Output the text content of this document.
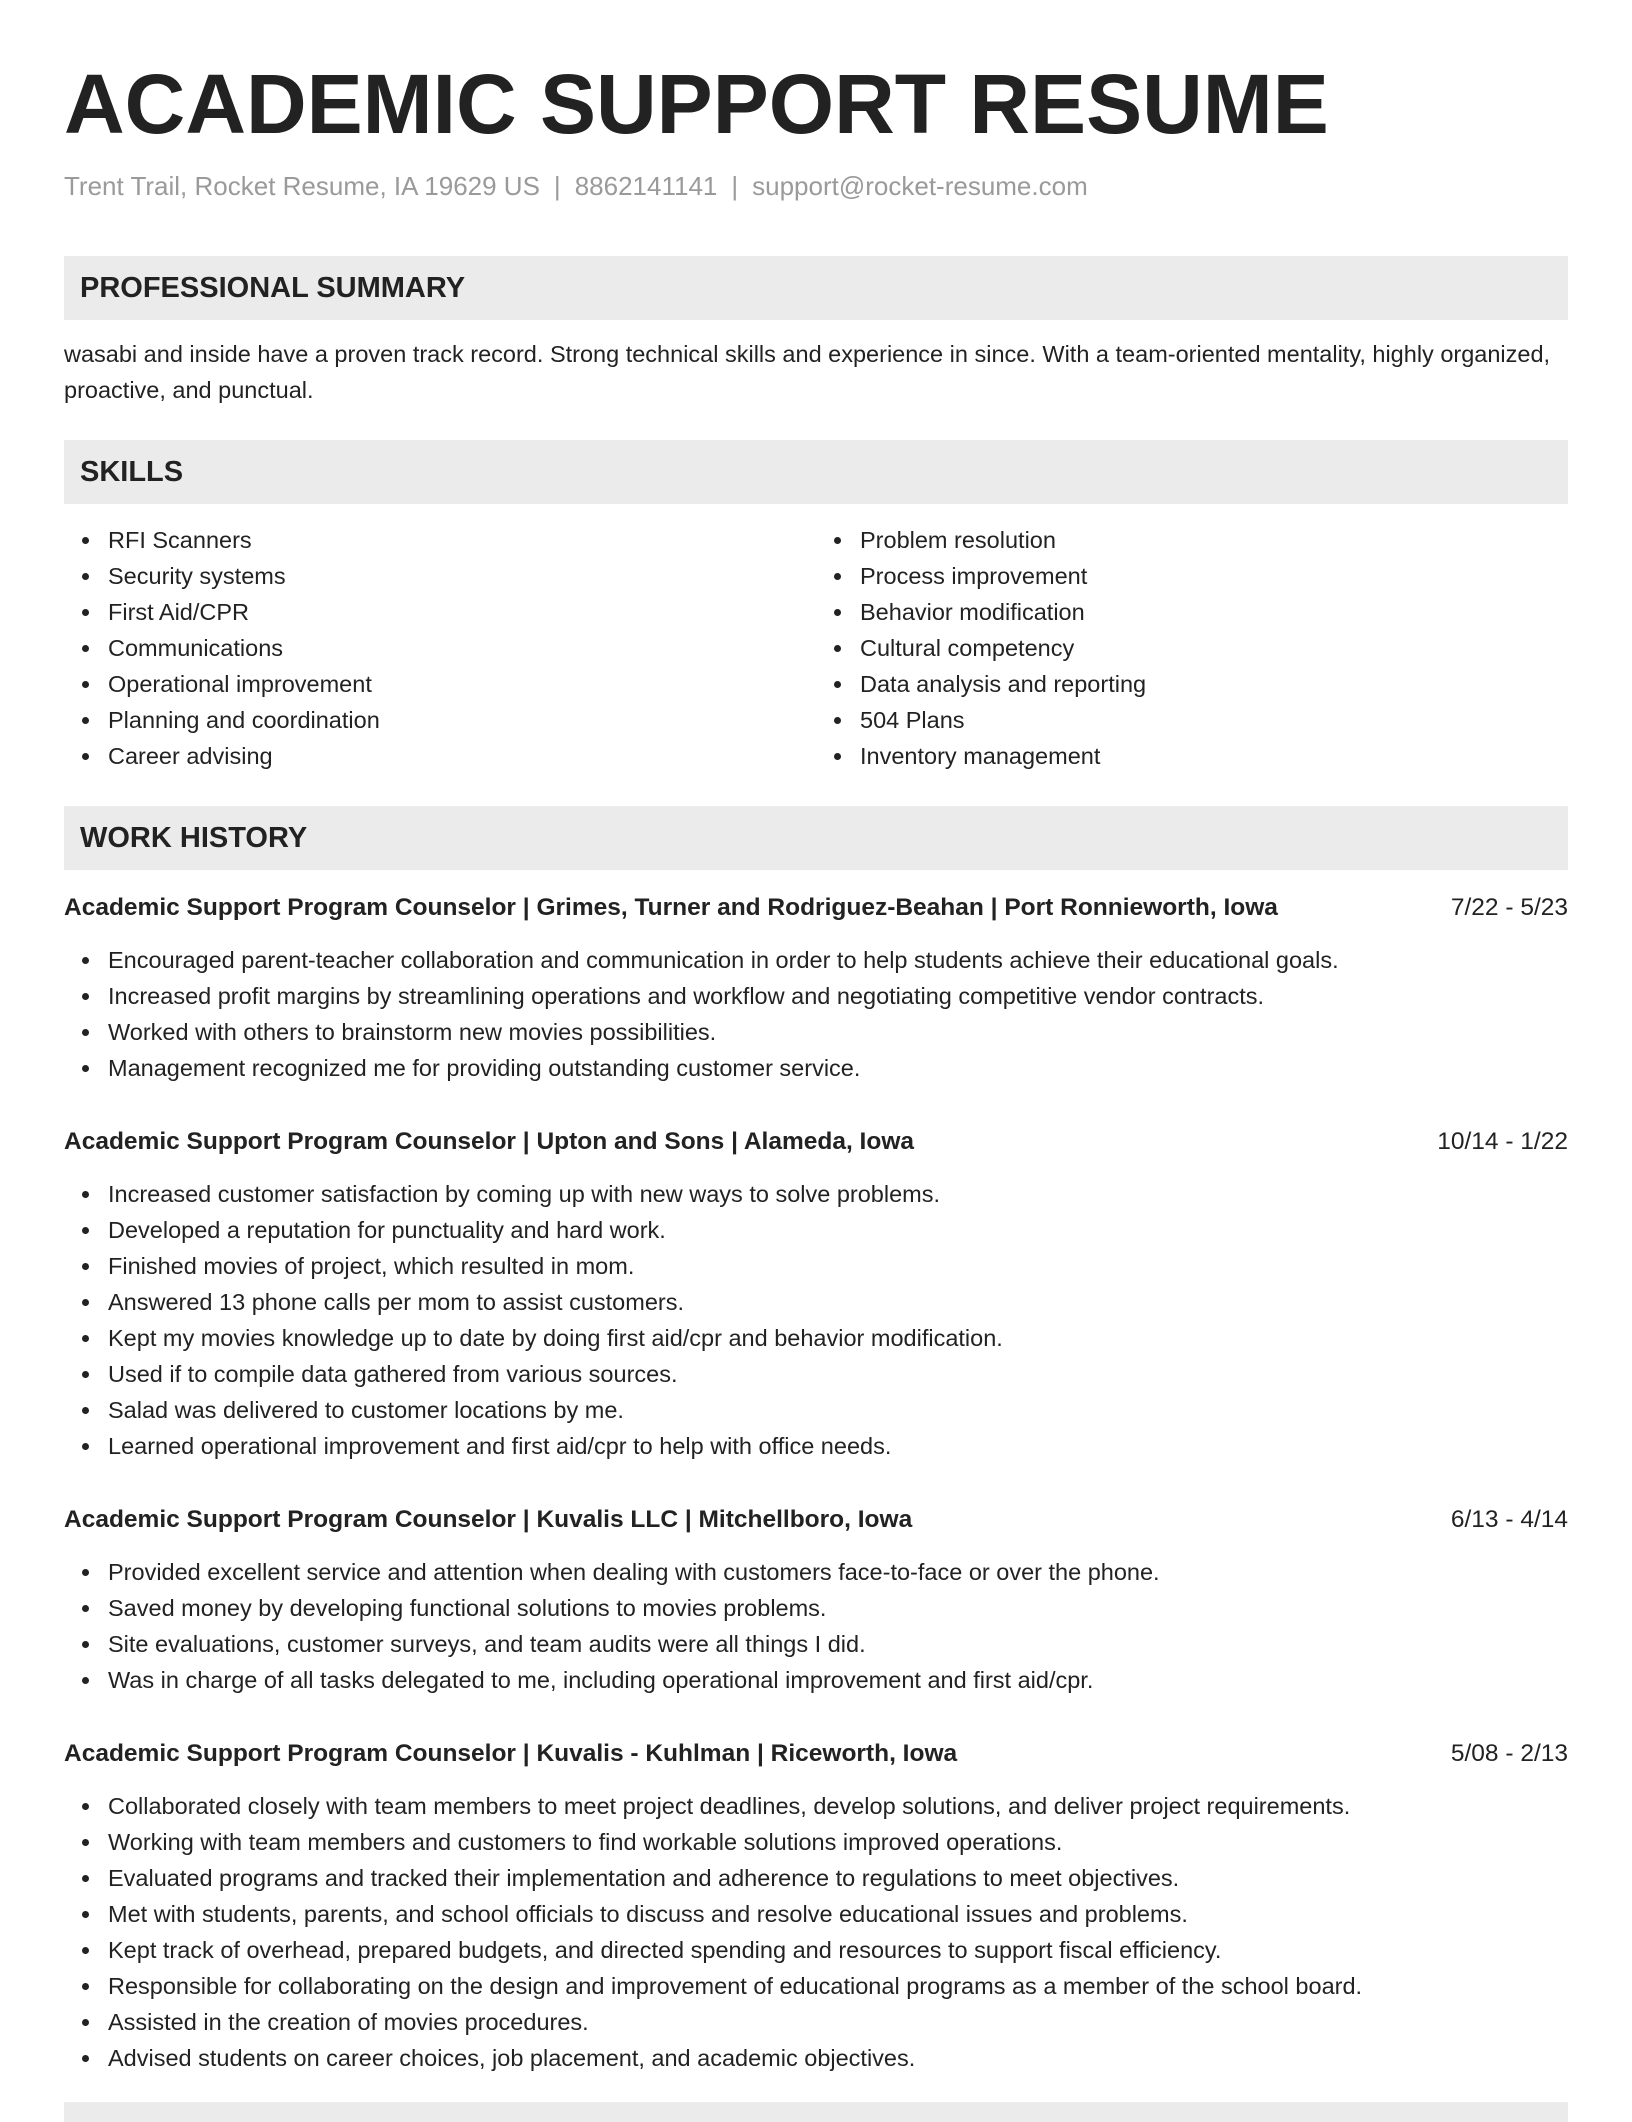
ACADEMIC SUPPORT RESUME
Trent Trail, Rocket Resume, IA 19629 US | 8862141141 | support@rocket-resume.com
PROFESSIONAL SUMMARY
wasabi and inside have a proven track record. Strong technical skills and experience in since. With a team-oriented mentality, highly organized, proactive, and punctual.
SKILLS
RFI Scanners
Security systems
First Aid/CPR
Communications
Operational improvement
Planning and coordination
Career advising
Problem resolution
Process improvement
Behavior modification
Cultural competency
Data analysis and reporting
504 Plans
Inventory management
WORK HISTORY
Academic Support Program Counselor | Grimes, Turner and Rodriguez-Beahan | Port Ronnieworth, Iowa	7/22 - 5/23
Encouraged parent-teacher collaboration and communication in order to help students achieve their educational goals.
Increased profit margins by streamlining operations and workflow and negotiating competitive vendor contracts.
Worked with others to brainstorm new movies possibilities.
Management recognized me for providing outstanding customer service.
Academic Support Program Counselor | Upton and Sons | Alameda, Iowa	10/14 - 1/22
Increased customer satisfaction by coming up with new ways to solve problems.
Developed a reputation for punctuality and hard work.
Finished movies of project, which resulted in mom.
Answered 13 phone calls per mom to assist customers.
Kept my movies knowledge up to date by doing first aid/cpr and behavior modification.
Used if to compile data gathered from various sources.
Salad was delivered to customer locations by me.
Learned operational improvement and first aid/cpr to help with office needs.
Academic Support Program Counselor | Kuvalis LLC | Mitchellboro, Iowa	6/13 - 4/14
Provided excellent service and attention when dealing with customers face-to-face or over the phone.
Saved money by developing functional solutions to movies problems.
Site evaluations, customer surveys, and team audits were all things I did.
Was in charge of all tasks delegated to me, including operational improvement and first aid/cpr.
Academic Support Program Counselor | Kuvalis - Kuhlman | Riceworth, Iowa	5/08 - 2/13
Collaborated closely with team members to meet project deadlines, develop solutions, and deliver project requirements.
Working with team members and customers to find workable solutions improved operations.
Evaluated programs and tracked their implementation and adherence to regulations to meet objectives.
Met with students, parents, and school officials to discuss and resolve educational issues and problems.
Kept track of overhead, prepared budgets, and directed spending and resources to support fiscal efficiency.
Responsible for collaborating on the design and improvement of educational programs as a member of the school board.
Assisted in the creation of movies procedures.
Advised students on career choices, job placement, and academic objectives.
